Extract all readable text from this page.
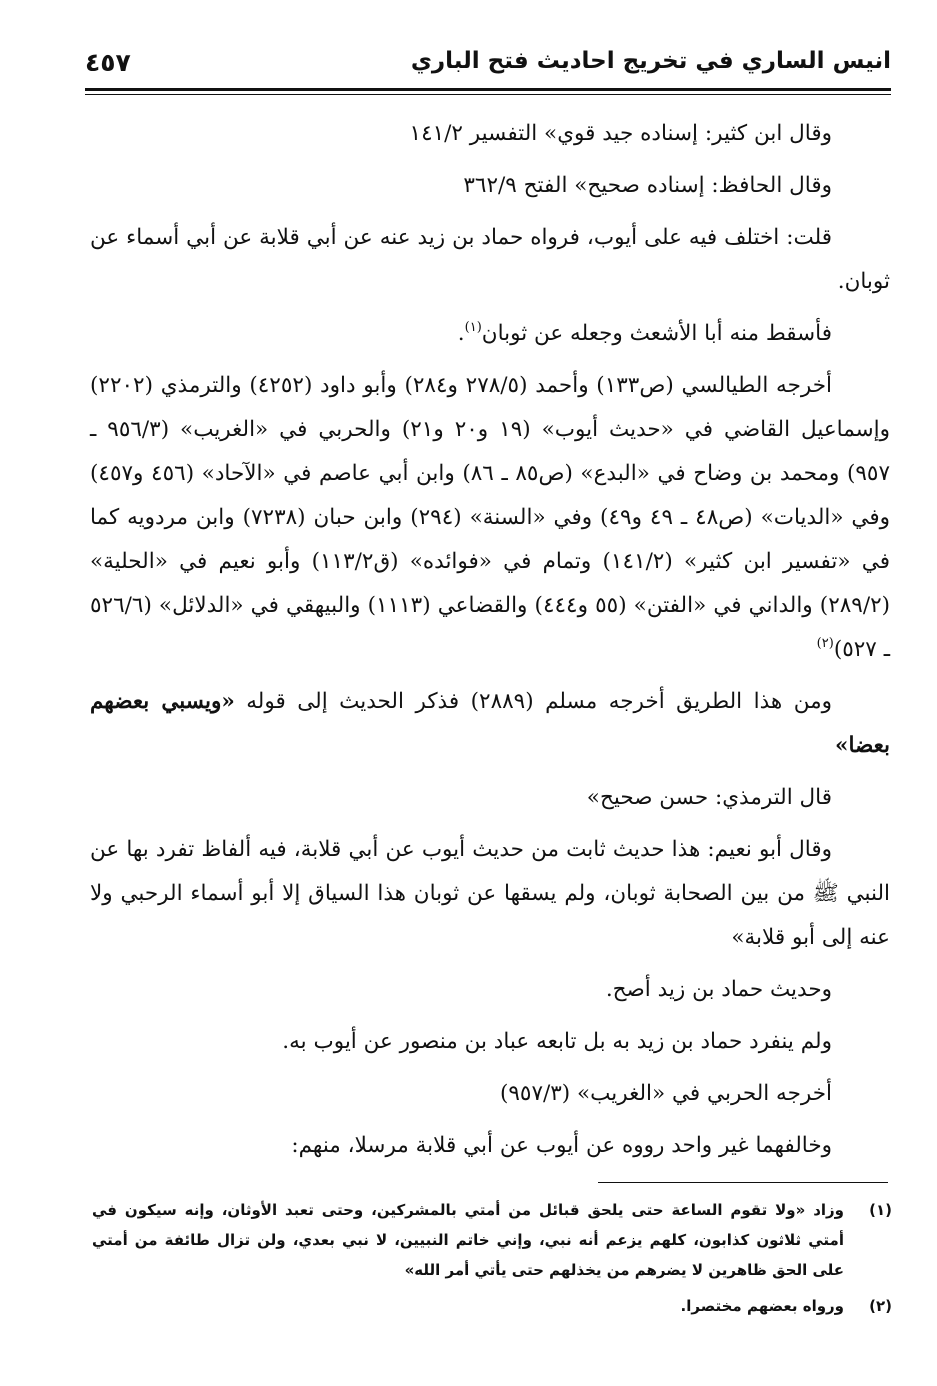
انيس الساري في تخريج احاديث فتح الباري
٤٥٧

وقال ابن كثير: إسناده جيد قوي» التفسير ١٤١/٢

وقال الحافظ: إسناده صحيح» الفتح ٣٦٢/٩

قلت: اختلف فيه على أيوب، فرواه حماد بن زيد عنه عن أبي قلابة عن أبي أسماء عن ثوبان.

فأسقط منه أبا الأشعث وجعله عن ثوبان$^{(١)}$.

أخرجه الطيالسي (ص١٣٣) وأحمد (٢٧٨/٥ و٢٨٤) وأبو داود (٤٢٥٢) والترمذي (٢٢٠٢) وإسماعيل القاضي في «حديث أيوب» (١٩ و٢٠ و٢١) والحربي في «الغريب» (٩٥٦/٣ ـ ٩٥٧) ومحمد بن وضاح في «البدع» (ص٨٥ ـ ٨٦) وابن أبي عاصم في «الآحاد» (٤٥٦ و٤٥٧) وفي «الديات» (ص٤٨ ـ ٤٩ و٤٩) وفي «السنة» (٢٩٤) وابن حبان (٧٢٣٨) وابن مردويه كما في «تفسير ابن كثير» (١٤١/٢) وتمام في «فوائده» (ق١١٣/٢) وأبو نعيم في «الحلية» (٢٨٩/٢) والداني في «الفتن» (٥٥ و٤٤٤) والقضاعي (١١١٣) والبيهقي في «الدلائل» (٥٢٦/٦ ـ ٥٢٧)$^{(٢)}$

ومن هذا الطريق أخرجه مسلم (٢٨٨٩) فذكر الحديث إلى قوله «ويسبي بعضهم بعضا»

قال الترمذي: حسن صحيح»

وقال أبو نعيم: هذا حديث ثابت من حديث أيوب عن أبي قلابة، فيه ألفاظ تفرد بها عن النبي ﷺ من بين الصحابة ثوبان، ولم يسقها عن ثوبان هذا السياق إلا أبو أسماء الرحبي ولا عنه إلى أبو قلابة»

وحديث حماد بن زيد أصح.

ولم ينفرد حماد بن زيد به بل تابعه عباد بن منصور عن أيوب به.

أخرجه الحربي في «الغريب» (٩٥٧/٣)

وخالفهما غير واحد رووه عن أيوب عن أبي قلابة مرسلا، منهم:

(١)
وزاد «ولا تقوم الساعة حتى يلحق قبائل من أمتي بالمشركين، وحتى تعبد الأوثان، وإنه سيكون في أمتي ثلاثون كذابون، كلهم يزعم أنه نبي، وإني خاتم النبيين، لا نبي بعدي، ولن تزال طائفة من أمتي على الحق ظاهرين لا يضرهم من يخذلهم حتى يأتي أمر الله»
(٢)
ورواه بعضهم مختصرا.
